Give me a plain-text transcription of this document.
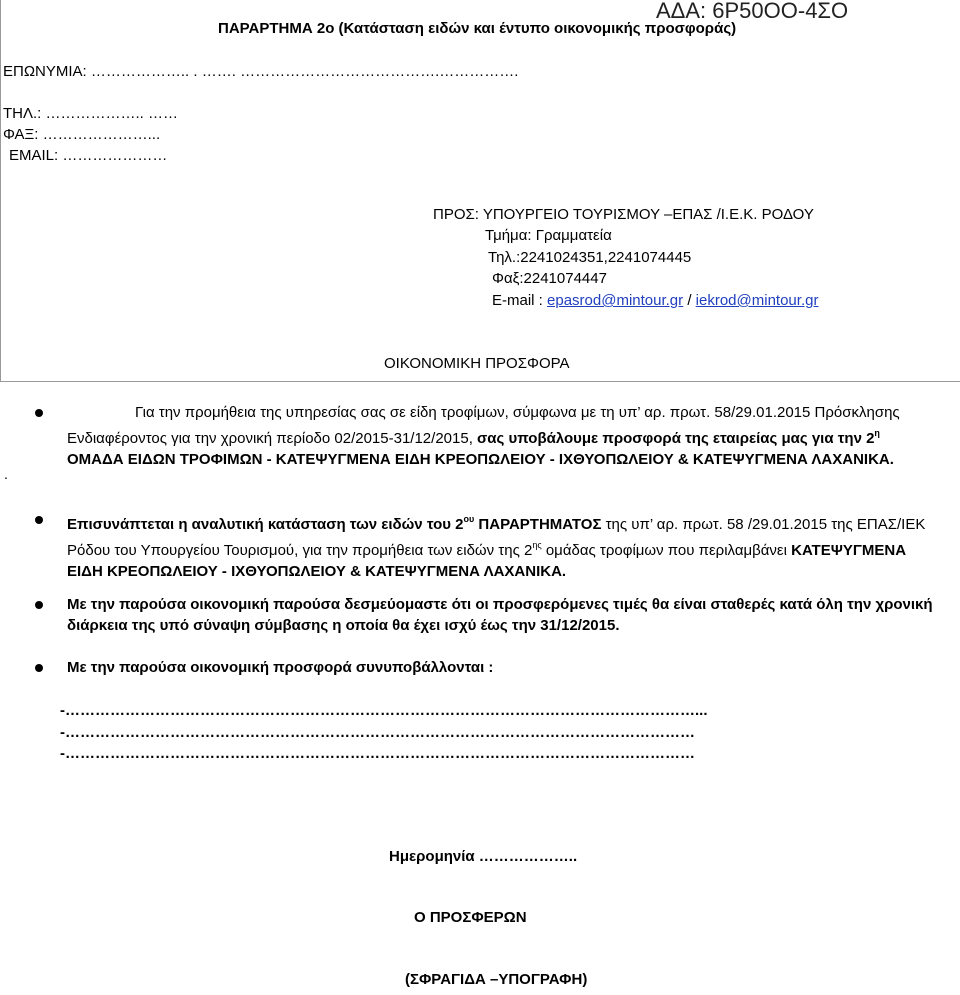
ΑΔΑ: 6Ρ50ΟΟ-4ΣΟ
ΠΑΡΑΡΤΗΜΑ 2ο (Κατάσταση ειδών και έντυπο οικονομικής προσφοράς)
ΕΠΩΝΥΜΙΑ: ……………….. . ……. ………………………………….…………….
ΤΗΛ.: ……………….. ……
ΦΑΞ: …………………...
EMAIL: …………………
ΠΡΟΣ: ΥΠΟΥΡΓΕΙΟ ΤΟΥΡΙΣΜΟΥ –ΕΠΑΣ /Ι.Ε.Κ. ΡΟΔΟΥ
Τμήμα: Γραμματεία
Τηλ.:2241024351,2241074445
Φαξ:2241074447
E-mail : epasrod@mintour.gr / iekrod@mintour.gr
ΟΙΚΟΝΟΜΙΚΗ ΠΡΟΣΦΟΡΑ
.
Για την προμήθεια της υπηρεσίας σας σε είδη τροφίμων, σύμφωνα με τη υπ’ αρ. πρωτ. 58/29.01.2015 Πρόσκλησης
Ενδιαφέροντος για την χρονική περίοδο 02/2015-31/12/2015, σας υποβάλουμε προσφορά της εταιρείας μας για την $2^\eta$
ΟΜΑΔΑ ΕΙΔΩΝ ΤΡΟΦΙΜΩΝ - ΚΑΤΕΨΥΓΜΕΝΑ ΕΙΔΗ ΚΡΕΟΠΩΛΕΙΟΥ - ΙΧΘΥΟΠΩΛΕΙΟΥ & ΚΑΤΕΨΥΓΜΕΝΑ ΛΑΧΑΝΙΚΑ.
Επισυνάπτεται η αναλυτική κατάσταση των ειδών του $2^{o\upsilon}$ ΠΑΡΑΡΤΗΜΑΤΟΣ της υπ’ αρ. πρωτ. 58 /29.01.2015 της ΕΠΑΣ/ΙΕΚ
Ρόδου του Υπουργείου Τουρισμού, για την προμήθεια των ειδών της $2^{\eta\varsigma}$ ομάδας τροφίμων που περιλαμβάνει ΚΑΤΕΨΥΓΜΕΝΑ
ΕΙΔΗ ΚΡΕΟΠΩΛΕΙΟΥ - ΙΧΘΥΟΠΩΛΕΙΟΥ & ΚΑΤΕΨΥΓΜΕΝΑ ΛΑΧΑΝΙΚΑ.
Με την παρούσα οικονομική παρούσα δεσμεύομαστε ότι οι προσφερόμενες τιμές θα είναι σταθερές κατά όλη την χρονική
διάρκεια της υπό σύναψη σύμβασης η οποία θα έχει ισχύ έως την 31/12/2015.
Με την παρούσα οικονομική προσφορά συνυποβάλλονται :
-………………………………………………………………………………………………………………...
-………………………………………………………………………………………………………………
-………………………………………………………………………………………………………………
Ημερομηνία ………………..
Ο ΠΡΟΣΦΕΡΩΝ
(ΣΦΡΑΓΙΔΑ –ΥΠΟΓΡΑΦΗ)
